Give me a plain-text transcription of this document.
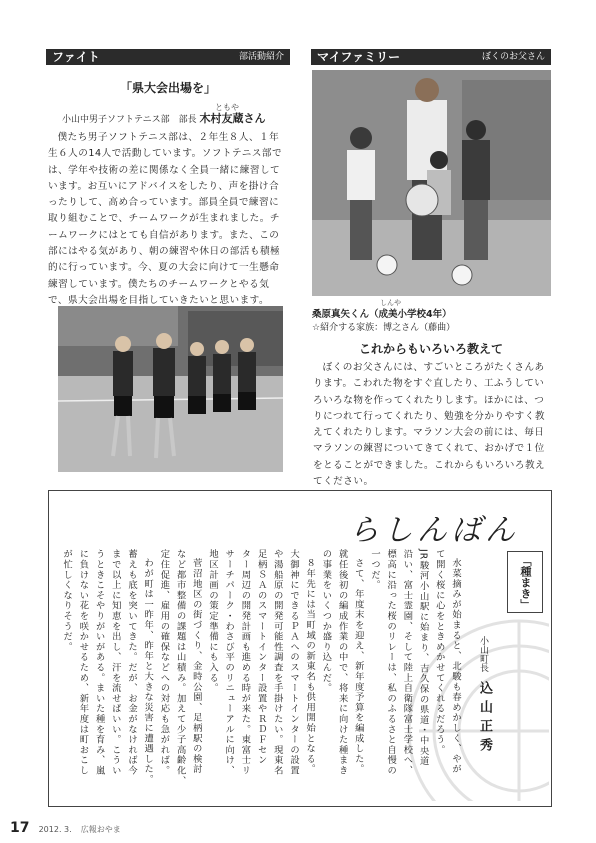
ファイト	部活動紹介
「県大会出場を」
ともや
小山中男子ソフトテニス部　部長 木村友蔵さん

僕たち男子ソフトテニス部は、２年生８人、１年生６人の14人で活動しています。ソフトテニス部では、学年や技術の差に関係なく全員一緒に練習しています。お互いにアドバイスをしたり、声を掛け合ったりして、高め合っています。部員全員で練習に取り組むことで、チームワークが生まれました。チームワークにはとても自信があります。また、この部にはやる気があり、朝の練習や休日の部活も積極的に行っています。今、夏の大会に向けて一生懸命練習しています。僕たちのチームワークとやる気で、県大会出場を目指していきたいと思います。

マイファミリー	ぼくのお父さん
しんや
桑原真矢くん（成美小学校4年）
☆紹介する家族：博之さん（藤曲）
これからもいろいろ教えて

ぼくのお父さんには、すごいところがたくさんあります。こわれた物をすぐ直したり、工ふうしていろいろな物を作ってくれたりします。ほかには、つりにつれて行ってくれたり、勉強を分かりやすく教えてくれたりします。マラソン大会の前には、毎日マラソンの練習についてきてくれて、おかげで１位をとることができました。これからもいろいろ教えてください。

らしんばん
「種まき」
小山町長
込山正秀
水菜摘みが始まると、北駿も春めかしく、やが
て開く桜に心をときめかせてくれるだろう。
JR駿河小山駅に始まり、吉久保の県道・中央道
沿い、富士霊園、そして陸上自衛隊富士学校へ、
標高に沿った桜のリレーは、私のふるさと自慢の
一つだ。
さて、年度末を迎え、新年度予算を編成した。
就任後初の編成作業の中で、将来に向けた種まき
の事業をいくつか盛り込んだ。
８年先には当町域の新東名も供用開始となる。
大御神にできるＰＡへのスマートインターの設置
や湯船原の開発可能性調査を手掛けたい。現東名
足柄ＳＡのスマートインター設置やＲＤＦセン
ター周辺の開発計画も進める時が来た。東富士リ
サーチパーク・わさび平のリニューアルに向け、
地区計画の策定準備にも入る。
菅沼地区の街づくり、金時公園、足柄駅の検討
など都市整備の課題は山積み。加えて少子高齢化、
定住促進、雇用の確保などへの対応も急がれば。
わが町は一昨年、昨年と大きな災害に遭遇した。
蓄えも底を突いてきた。だが、お金がなければ今
まで以上に知恵を出し、汗を流せばいい。こうい
うときこそやりがいがある。まいた種を育み、嵐
に負けない花を咲かせるため、新年度は町おこし
が忙しくなりそうだ。
17 2012. 3. 広報おやま
